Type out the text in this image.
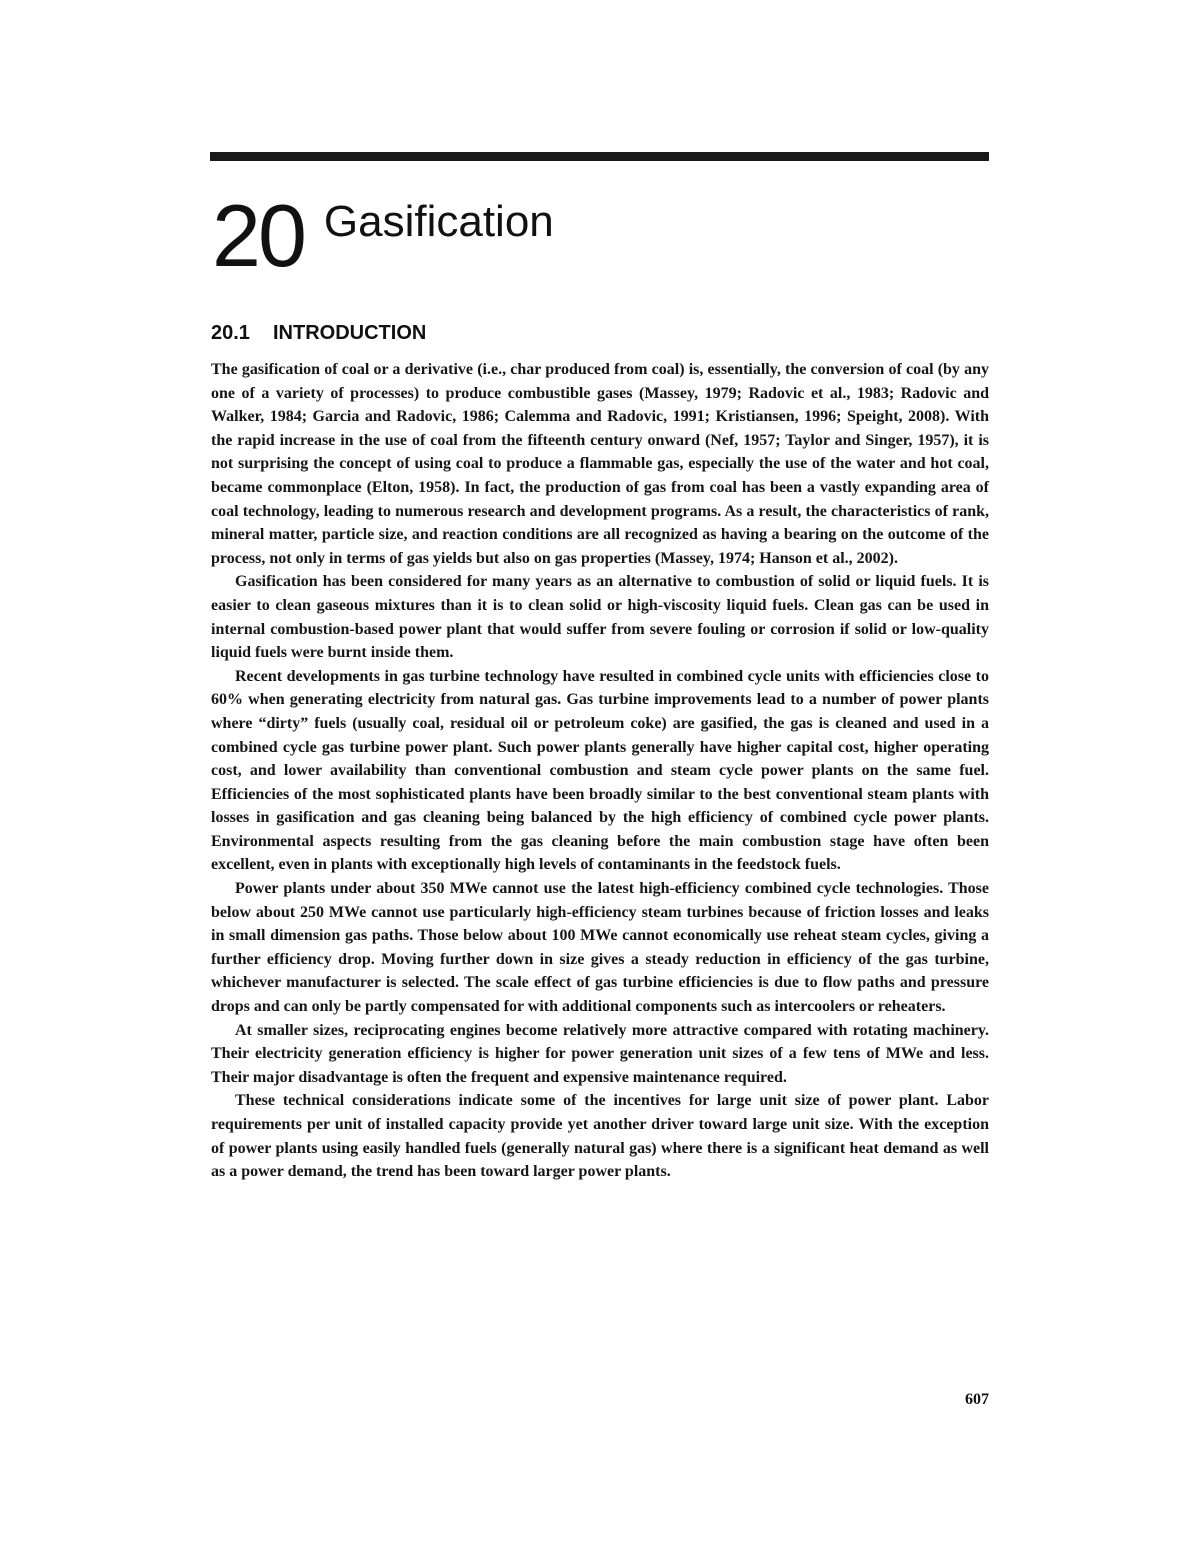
20 Gasification
20.1 INTRODUCTION

The gasification of coal or a derivative (i.e., char produced from coal) is, essentially, the conversion of coal (by any one of a variety of processes) to produce combustible gases (Massey, 1979; Radovic et al., 1983; Radovic and Walker, 1984; Garcia and Radovic, 1986; Calemma and Radovic, 1991; Kristiansen, 1996; Speight, 2008). With the rapid increase in the use of coal from the fifteenth century onward (Nef, 1957; Taylor and Singer, 1957), it is not surprising the concept of using coal to produce a flammable gas, especially the use of the water and hot coal, became commonplace (Elton, 1958). In fact, the production of gas from coal has been a vastly expanding area of coal technology, leading to numerous research and development programs. As a result, the characteristics of rank, mineral matter, particle size, and reaction conditions are all recognized as having a bearing on the outcome of the process, not only in terms of gas yields but also on gas properties (Massey, 1974; Hanson et al., 2002).

Gasification has been considered for many years as an alternative to combustion of solid or liquid fuels. It is easier to clean gaseous mixtures than it is to clean solid or high-viscosity liquid fuels. Clean gas can be used in internal combustion-based power plant that would suffer from severe fouling or corrosion if solid or low-quality liquid fuels were burnt inside them.

Recent developments in gas turbine technology have resulted in combined cycle units with efficiencies close to 60% when generating electricity from natural gas. Gas turbine improvements lead to a number of power plants where “dirty” fuels (usually coal, residual oil or petroleum coke) are gasified, the gas is cleaned and used in a combined cycle gas turbine power plant. Such power plants generally have higher capital cost, higher operating cost, and lower availability than conventional combustion and steam cycle power plants on the same fuel. Efficiencies of the most sophisticated plants have been broadly similar to the best conventional steam plants with losses in gasification and gas cleaning being balanced by the high efficiency of combined cycle power plants. Environmental aspects resulting from the gas cleaning before the main combustion stage have often been excellent, even in plants with exceptionally high levels of contaminants in the feedstock fuels.

Power plants under about 350 MWe cannot use the latest high-efficiency combined cycle technologies. Those below about 250 MWe cannot use particularly high-efficiency steam turbines because of friction losses and leaks in small dimension gas paths. Those below about 100 MWe cannot economically use reheat steam cycles, giving a further efficiency drop. Moving further down in size gives a steady reduction in efficiency of the gas turbine, whichever manufacturer is selected. The scale effect of gas turbine efficiencies is due to flow paths and pressure drops and can only be partly compensated for with additional components such as intercoolers or reheaters.

At smaller sizes, reciprocating engines become relatively more attractive compared with rotating machinery. Their electricity generation efficiency is higher for power generation unit sizes of a few tens of MWe and less. Their major disadvantage is often the frequent and expensive maintenance required.

These technical considerations indicate some of the incentives for large unit size of power plant. Labor requirements per unit of installed capacity provide yet another driver toward large unit size. With the exception of power plants using easily handled fuels (generally natural gas) where there is a significant heat demand as well as a power demand, the trend has been toward larger power plants.

607
